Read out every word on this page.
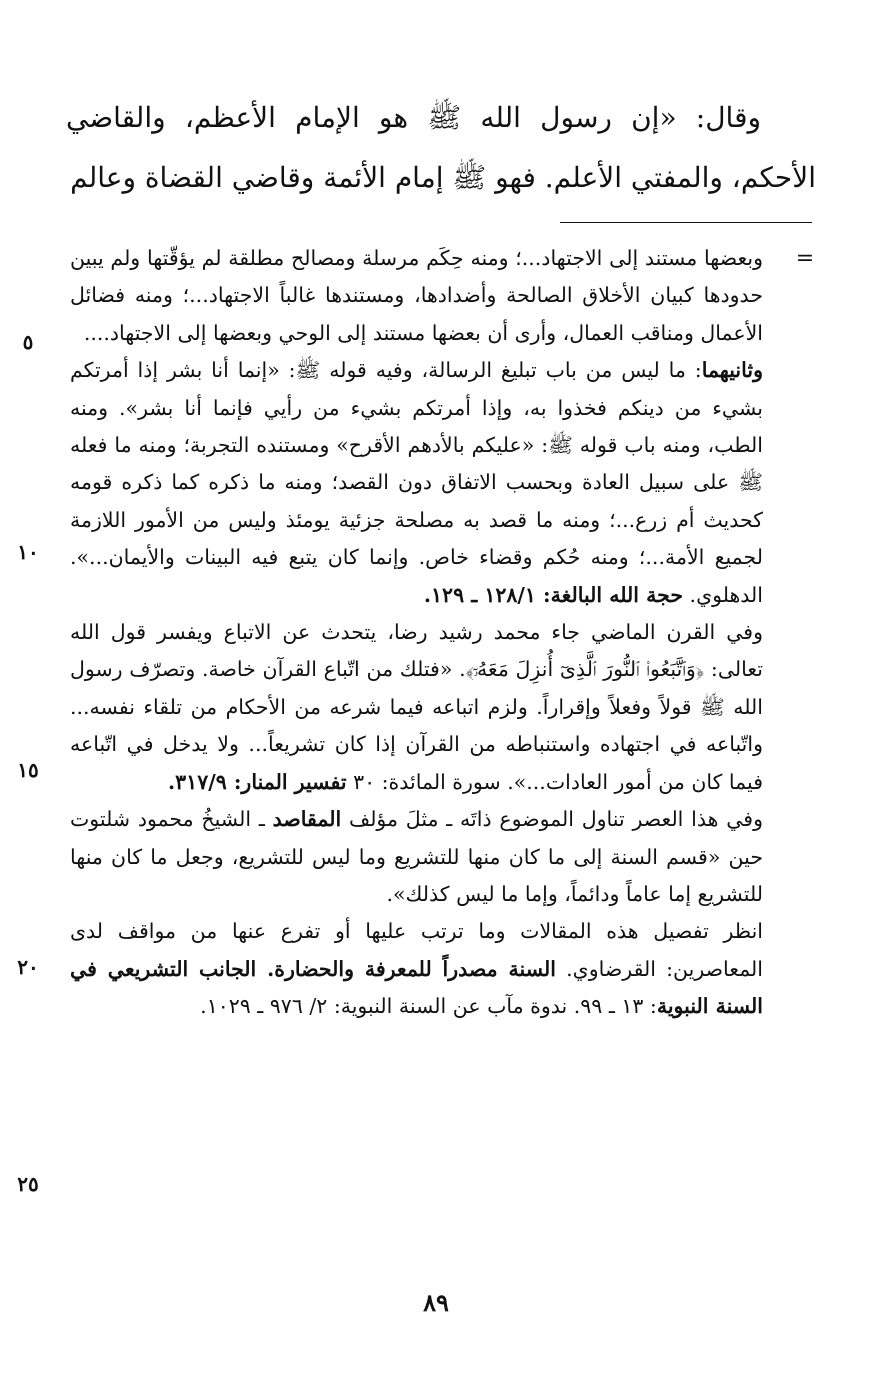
وقال: «إن رسول الله ﷺ هو الإمام الأعظم، والقاضي الأحكم، والمفتي الأعلم. فهو ﷺ إمام الأئمة وقاضي القضاة وعالم

=

وبعضها مستند إلى الاجتهاد...؛ ومنه حِكَم مرسلة ومصالح مطلقة لم يؤقّتها ولم يبين حدودها كبيان الأخلاق الصالحة وأضدادها، ومستندها غالباً الاجتهاد...؛ ومنه فضائل الأعمال ومناقب العمال، وأرى أن بعضها مستند إلى الوحي وبعضها إلى الاجتهاد....

وثانيهما: ما ليس من باب تبليغ الرسالة، وفيه قوله ﷺ: «إنما أنا بشر إذا أمرتكم بشيء من دينكم فخذوا به، وإذا أمرتكم بشيء من رأيي فإنما أنا بشر». ومنه الطب، ومنه باب قوله ﷺ: «عليكم بالأدهم الأقرح» ومستنده التجربة؛ ومنه ما فعله ﷺ على سبيل العادة وبحسب الاتفاق دون القصد؛ ومنه ما ذكره كما ذكره قومه كحديث أم زرع...؛ ومنه ما قصد به مصلحة جزئية يومئذ وليس من الأمور اللازمة لجميع الأمة...؛ ومنه حُكم وقضاء خاص. وإنما كان يتبع فيه البينات والأيمان...». الدهلوي. حجة الله البالغة: ١٢٨/١ ـ ١٢٩.

وفي القرن الماضي جاء محمد رشيد رضا، يتحدث عن الاتباع ويفسر قول الله تعالى: ﴿وَٱتَّبَعُوا۟ ٱلنُّورَ ٱلَّذِىٓ أُنزِلَ مَعَهُۥٓ﴾. «فتلك من اتّباع القرآن خاصة. وتصرّف رسول الله ﷺ قولاً وفعلاً وإقراراً. ولزم اتباعه فيما شرعه من الأحكام من تلقاء نفسه... واتّباعه في اجتهاده واستنباطه من القرآن إذا كان تشريعاً... ولا يدخل في اتّباعه فيما كان من أمور العادات...». سورة المائدة: ٣٠ تفسير المنار: ٣١٧/٩.

وفي هذا العصر تناول الموضوع ذاتَه ـ مثلَ مؤلف المقاصد ـ الشيخُ محمود شلتوت حين «قسم السنة إلى ما كان منها للتشريع وما ليس للتشريع، وجعل ما كان منها للتشريع إما عاماً ودائماً، وإما ما ليس كذلك».

انظر تفصيل هذه المقالات وما ترتب عليها أو تفرع عنها من مواقف لدى المعاصرين: القرضاوي. السنة مصدراً للمعرفة والحضارة. الجانب التشريعي في السنة النبوية: ١٣ ـ ٩٩. ندوة مآب عن السنة النبوية: ٢/ ٩٧٦ ـ ١٠٢٩.

٥
١٠
١٥
٢٠
٢٥
٨٩
